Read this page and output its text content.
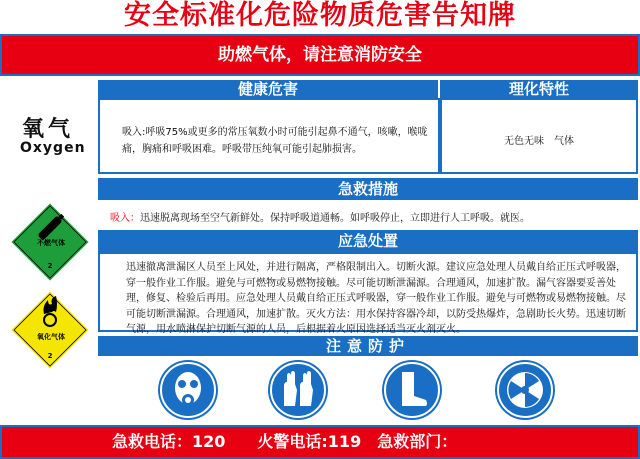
安全标准化危险物质危害告知牌
助燃气体，请注意消防安全
氧气
Oxygen
健康危害	理化特性
吸入:呼吸75%或更多的常压氧数小时可能引起鼻不通气，咳嗽，喉咙痛，胸痛和呼吸困难。呼吸带压纯氧可能引起肺损害。
无色无味　气体
急救措施
吸入：迅速脱离现场至空气新鲜处。保持呼吸道通畅。如呼吸停止，立即进行人工呼吸。就医。
应急处置
迅速撤离泄漏区人员至上风处，并进行隔离，严格限制出入。切断火源。建议应急处理人员戴自给正压式呼吸器，穿一般作业工作服。避免与可燃物或易燃物接触。尽可能切断泄漏源。合理通风，加速扩散。漏气容器要妥善处理，修复、检验后再用。应急处理人员戴自给正压式呼吸器，穿一般作业工作服。避免与可燃物或易燃物接触。尽可能切断泄漏源。合理通风，加速扩散。灭火方法：用水保持容器冷却，以防受热爆炸，急剧助长火势。迅速切断气源，用水喷淋保护切断气源的人员，后根据着火原因选择适当灭火剂灭火。
注意防护
不燃气体
2
氧化气体
2
急救电话：120　　火警电话:119　急救部门：
